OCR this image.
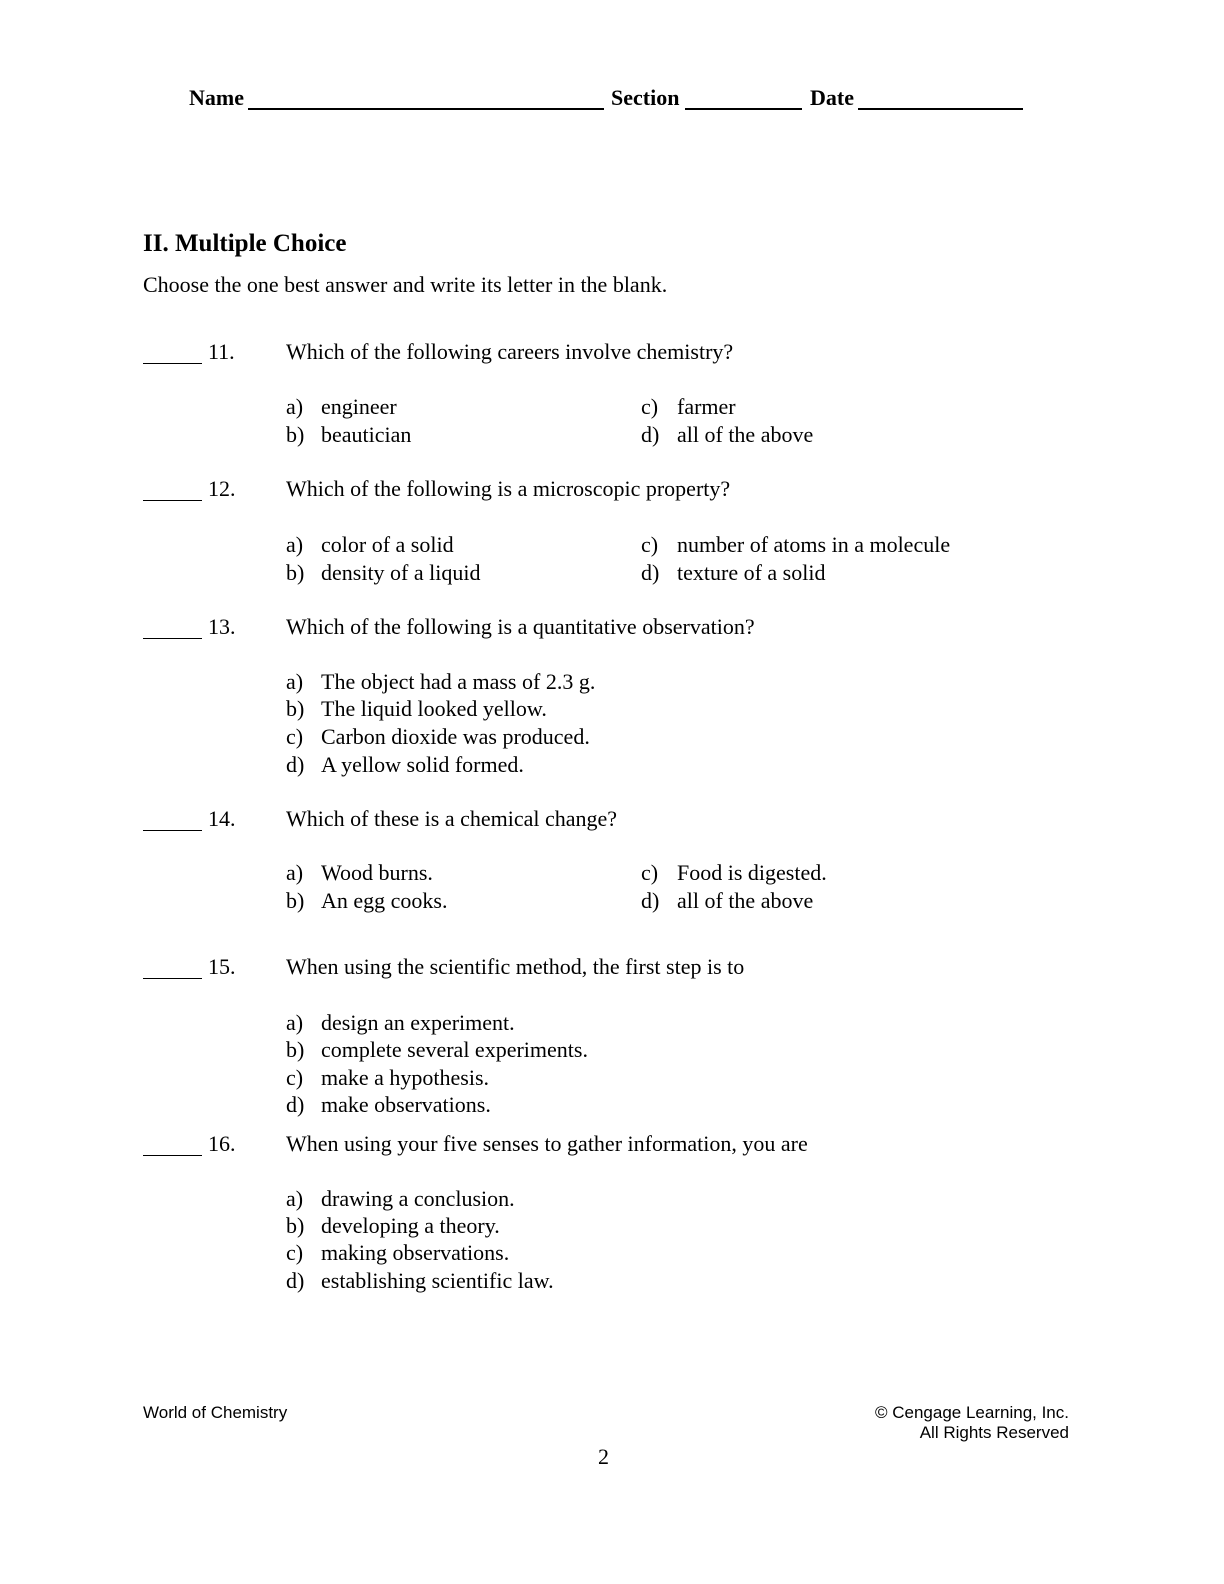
Name	Section	Date
II. Multiple Choice
Choose the one best answer and write its letter in the blank.
11. Which of the following careers involve chemistry?
a) engineer
b) beautician
c) farmer
d) all of the above
12. Which of the following is a microscopic property?
a) color of a solid
b) density of a liquid
c) number of atoms in a molecule
d) texture of a solid
13. Which of the following is a quantitative observation?
a) The object had a mass of 2.3 g.
b) The liquid looked yellow.
c) Carbon dioxide was produced.
d) A yellow solid formed.
14. Which of these is a chemical change?
a) Wood burns.
b) An egg cooks.
c) Food is digested.
d) all of the above
15. When using the scientific method, the first step is to
a) design an experiment.
b) complete several experiments.
c) make a hypothesis.
d) make observations.
16. When using your five senses to gather information, you are
a) drawing a conclusion.
b) developing a theory.
c) making observations.
d) establishing scientific law.
World of Chemistry	© Cengage Learning, Inc.
All Rights Reserved
2
